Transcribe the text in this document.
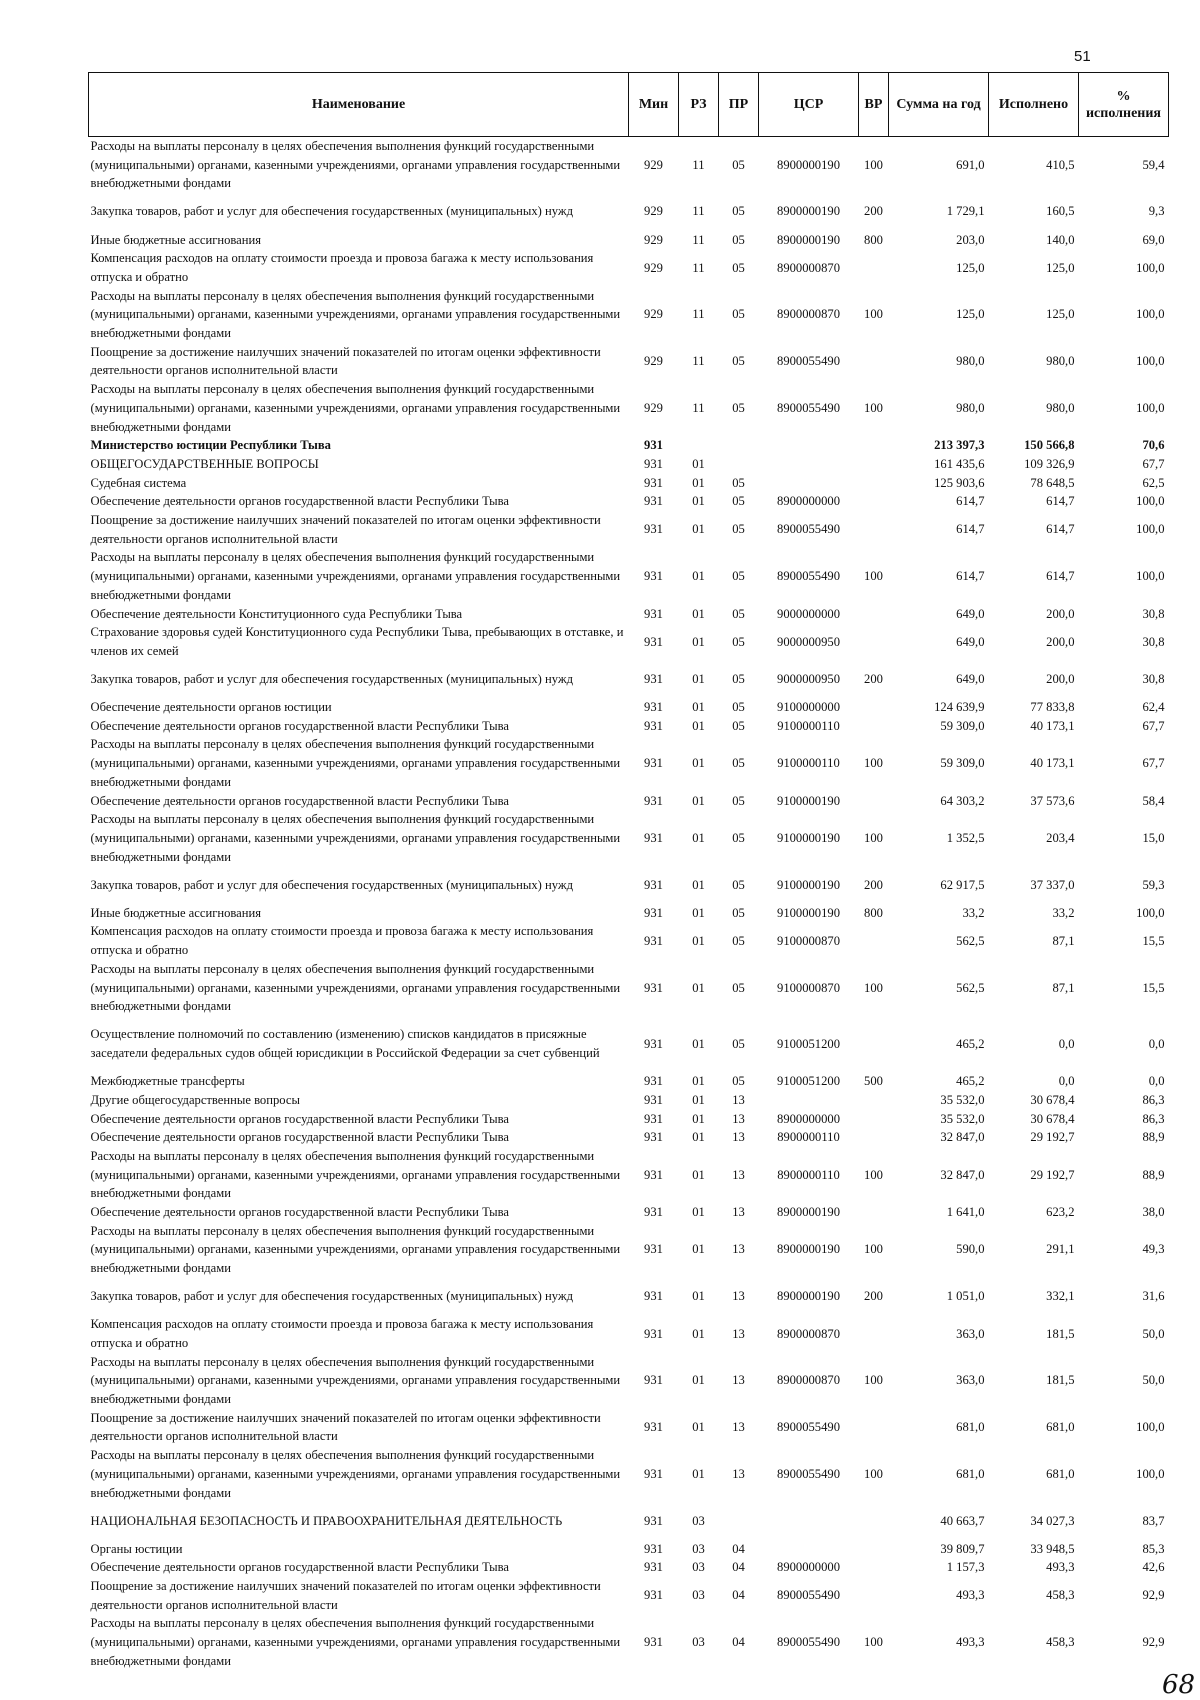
51
Наименование	Мин	РЗ	ПР	ЦСР	ВР	Сумма на год	Исполнено	% исполнения
Расходы на выплаты персоналу в целях обеспечения выполнения функций государственными (муниципальными) органами, казенными учреждениями, органами управления государственными внебюджетными фондами	929	11	05	8900000190	100	691,0	410,5	59,4
Закупка товаров, работ и услуг для обеспечения государственных (муниципальных) нужд	929	11	05	8900000190	200	1 729,1	160,5	9,3
Иные бюджетные ассигнования	929	11	05	8900000190	800	203,0	140,0	69,0
Компенсация расходов на оплату стоимости проезда и провоза багажа к месту использования отпуска и обратно	929	11	05	8900000870		125,0	125,0	100,0
Расходы на выплаты персоналу в целях обеспечения выполнения функций государственными (муниципальными) органами, казенными учреждениями, органами управления государственными внебюджетными фондами	929	11	05	8900000870	100	125,0	125,0	100,0
Поощрение за достижение наилучших значений показателей по итогам оценки эффективности деятельности органов исполнительной власти	929	11	05	8900055490		980,0	980,0	100,0
Расходы на выплаты персоналу в целях обеспечения выполнения функций государственными (муниципальными) органами, казенными учреждениями, органами управления государственными внебюджетными фондами	929	11	05	8900055490	100	980,0	980,0	100,0
Министерство юстиции Республики Тыва	931					213 397,3	150 566,8	70,6
ОБЩЕГОСУДАРСТВЕННЫЕ ВОПРОСЫ	931	01				161 435,6	109 326,9	67,7
Судебная система	931	01	05			125 903,6	78 648,5	62,5
Обеспечение деятельности органов государственной власти Республики Тыва	931	01	05	8900000000		614,7	614,7	100,0
Поощрение за достижение наилучших значений показателей по итогам оценки эффективности деятельности органов исполнительной власти	931	01	05	8900055490		614,7	614,7	100,0
Расходы на выплаты персоналу в целях обеспечения выполнения функций государственными (муниципальными) органами, казенными учреждениями, органами управления государственными внебюджетными фондами	931	01	05	8900055490	100	614,7	614,7	100,0
Обеспечение деятельности Конституционного суда Республики Тыва	931	01	05	9000000000		649,0	200,0	30,8
Страхование здоровья судей Конституционного суда Республики Тыва, пребывающих в отставке, и членов их семей	931	01	05	9000000950		649,0	200,0	30,8
Закупка товаров, работ и услуг для обеспечения государственных (муниципальных) нужд	931	01	05	9000000950	200	649,0	200,0	30,8
Обеспечение деятельности органов юстиции	931	01	05	9100000000		124 639,9	77 833,8	62,4
Обеспечение деятельности органов государственной власти Республики Тыва	931	01	05	9100000110		59 309,0	40 173,1	67,7
Расходы на выплаты персоналу в целях обеспечения выполнения функций государственными (муниципальными) органами, казенными учреждениями, органами управления государственными внебюджетными фондами	931	01	05	9100000110	100	59 309,0	40 173,1	67,7
Обеспечение деятельности органов государственной власти Республики Тыва	931	01	05	9100000190		64 303,2	37 573,6	58,4
Расходы на выплаты персоналу в целях обеспечения выполнения функций государственными (муниципальными) органами, казенными учреждениями, органами управления государственными внебюджетными фондами	931	01	05	9100000190	100	1 352,5	203,4	15,0
Закупка товаров, работ и услуг для обеспечения государственных (муниципальных) нужд	931	01	05	9100000190	200	62 917,5	37 337,0	59,3
Иные бюджетные ассигнования	931	01	05	9100000190	800	33,2	33,2	100,0
Компенсация расходов на оплату стоимости проезда и провоза багажа к месту использования отпуска и обратно	931	01	05	9100000870		562,5	87,1	15,5
Расходы на выплаты персоналу в целях обеспечения выполнения функций государственными (муниципальными) органами, казенными учреждениями, органами управления государственными внебюджетными фондами	931	01	05	9100000870	100	562,5	87,1	15,5
Осуществление полномочий по составлению (изменению) списков кандидатов в присяжные заседатели федеральных судов общей юрисдикции в Российской Федерации за счет субвенций	931	01	05	9100051200		465,2	0,0	0,0
Межбюджетные трансферты	931	01	05	9100051200	500	465,2	0,0	0,0
Другие общегосударственные вопросы	931	01	13			35 532,0	30 678,4	86,3
Обеспечение деятельности органов государственной власти Республики Тыва	931	01	13	8900000000		35 532,0	30 678,4	86,3
Обеспечение деятельности органов государственной власти Республики Тыва	931	01	13	8900000110		32 847,0	29 192,7	88,9
Расходы на выплаты персоналу в целях обеспечения выполнения функций государственными (муниципальными) органами, казенными учреждениями, органами управления государственными внебюджетными фондами	931	01	13	8900000110	100	32 847,0	29 192,7	88,9
Обеспечение деятельности органов государственной власти Республики Тыва	931	01	13	8900000190		1 641,0	623,2	38,0
Расходы на выплаты персоналу в целях обеспечения выполнения функций государственными (муниципальными) органами, казенными учреждениями, органами управления государственными внебюджетными фондами	931	01	13	8900000190	100	590,0	291,1	49,3
Закупка товаров, работ и услуг для обеспечения государственных (муниципальных) нужд	931	01	13	8900000190	200	1 051,0	332,1	31,6
Компенсация расходов на оплату стоимости проезда и провоза багажа к месту использования отпуска и обратно	931	01	13	8900000870		363,0	181,5	50,0
Расходы на выплаты персоналу в целях обеспечения выполнения функций государственными (муниципальными) органами, казенными учреждениями, органами управления государственными внебюджетными фондами	931	01	13	8900000870	100	363,0	181,5	50,0
Поощрение за достижение наилучших значений показателей по итогам оценки эффективности деятельности органов исполнительной власти	931	01	13	8900055490		681,0	681,0	100,0
Расходы на выплаты персоналу в целях обеспечения выполнения функций государственными (муниципальными) органами, казенными учреждениями, органами управления государственными внебюджетными фондами	931	01	13	8900055490	100	681,0	681,0	100,0
НАЦИОНАЛЬНАЯ БЕЗОПАСНОСТЬ И ПРАВООХРАНИТЕЛЬНАЯ ДЕЯТЕЛЬНОСТЬ	931	03				40 663,7	34 027,3	83,7
Органы юстиции	931	03	04			39 809,7	33 948,5	85,3
Обеспечение деятельности органов государственной власти Республики Тыва	931	03	04	8900000000		1 157,3	493,3	42,6
Поощрение за достижение наилучших значений показателей по итогам оценки эффективности деятельности органов исполнительной власти	931	03	04	8900055490		493,3	458,3	92,9
Расходы на выплаты персоналу в целях обеспечения выполнения функций государственными (муниципальными) органами, казенными учреждениями, органами управления государственными внебюджетными фондами	931	03	04	8900055490	100	493,3	458,3	92,9
68
